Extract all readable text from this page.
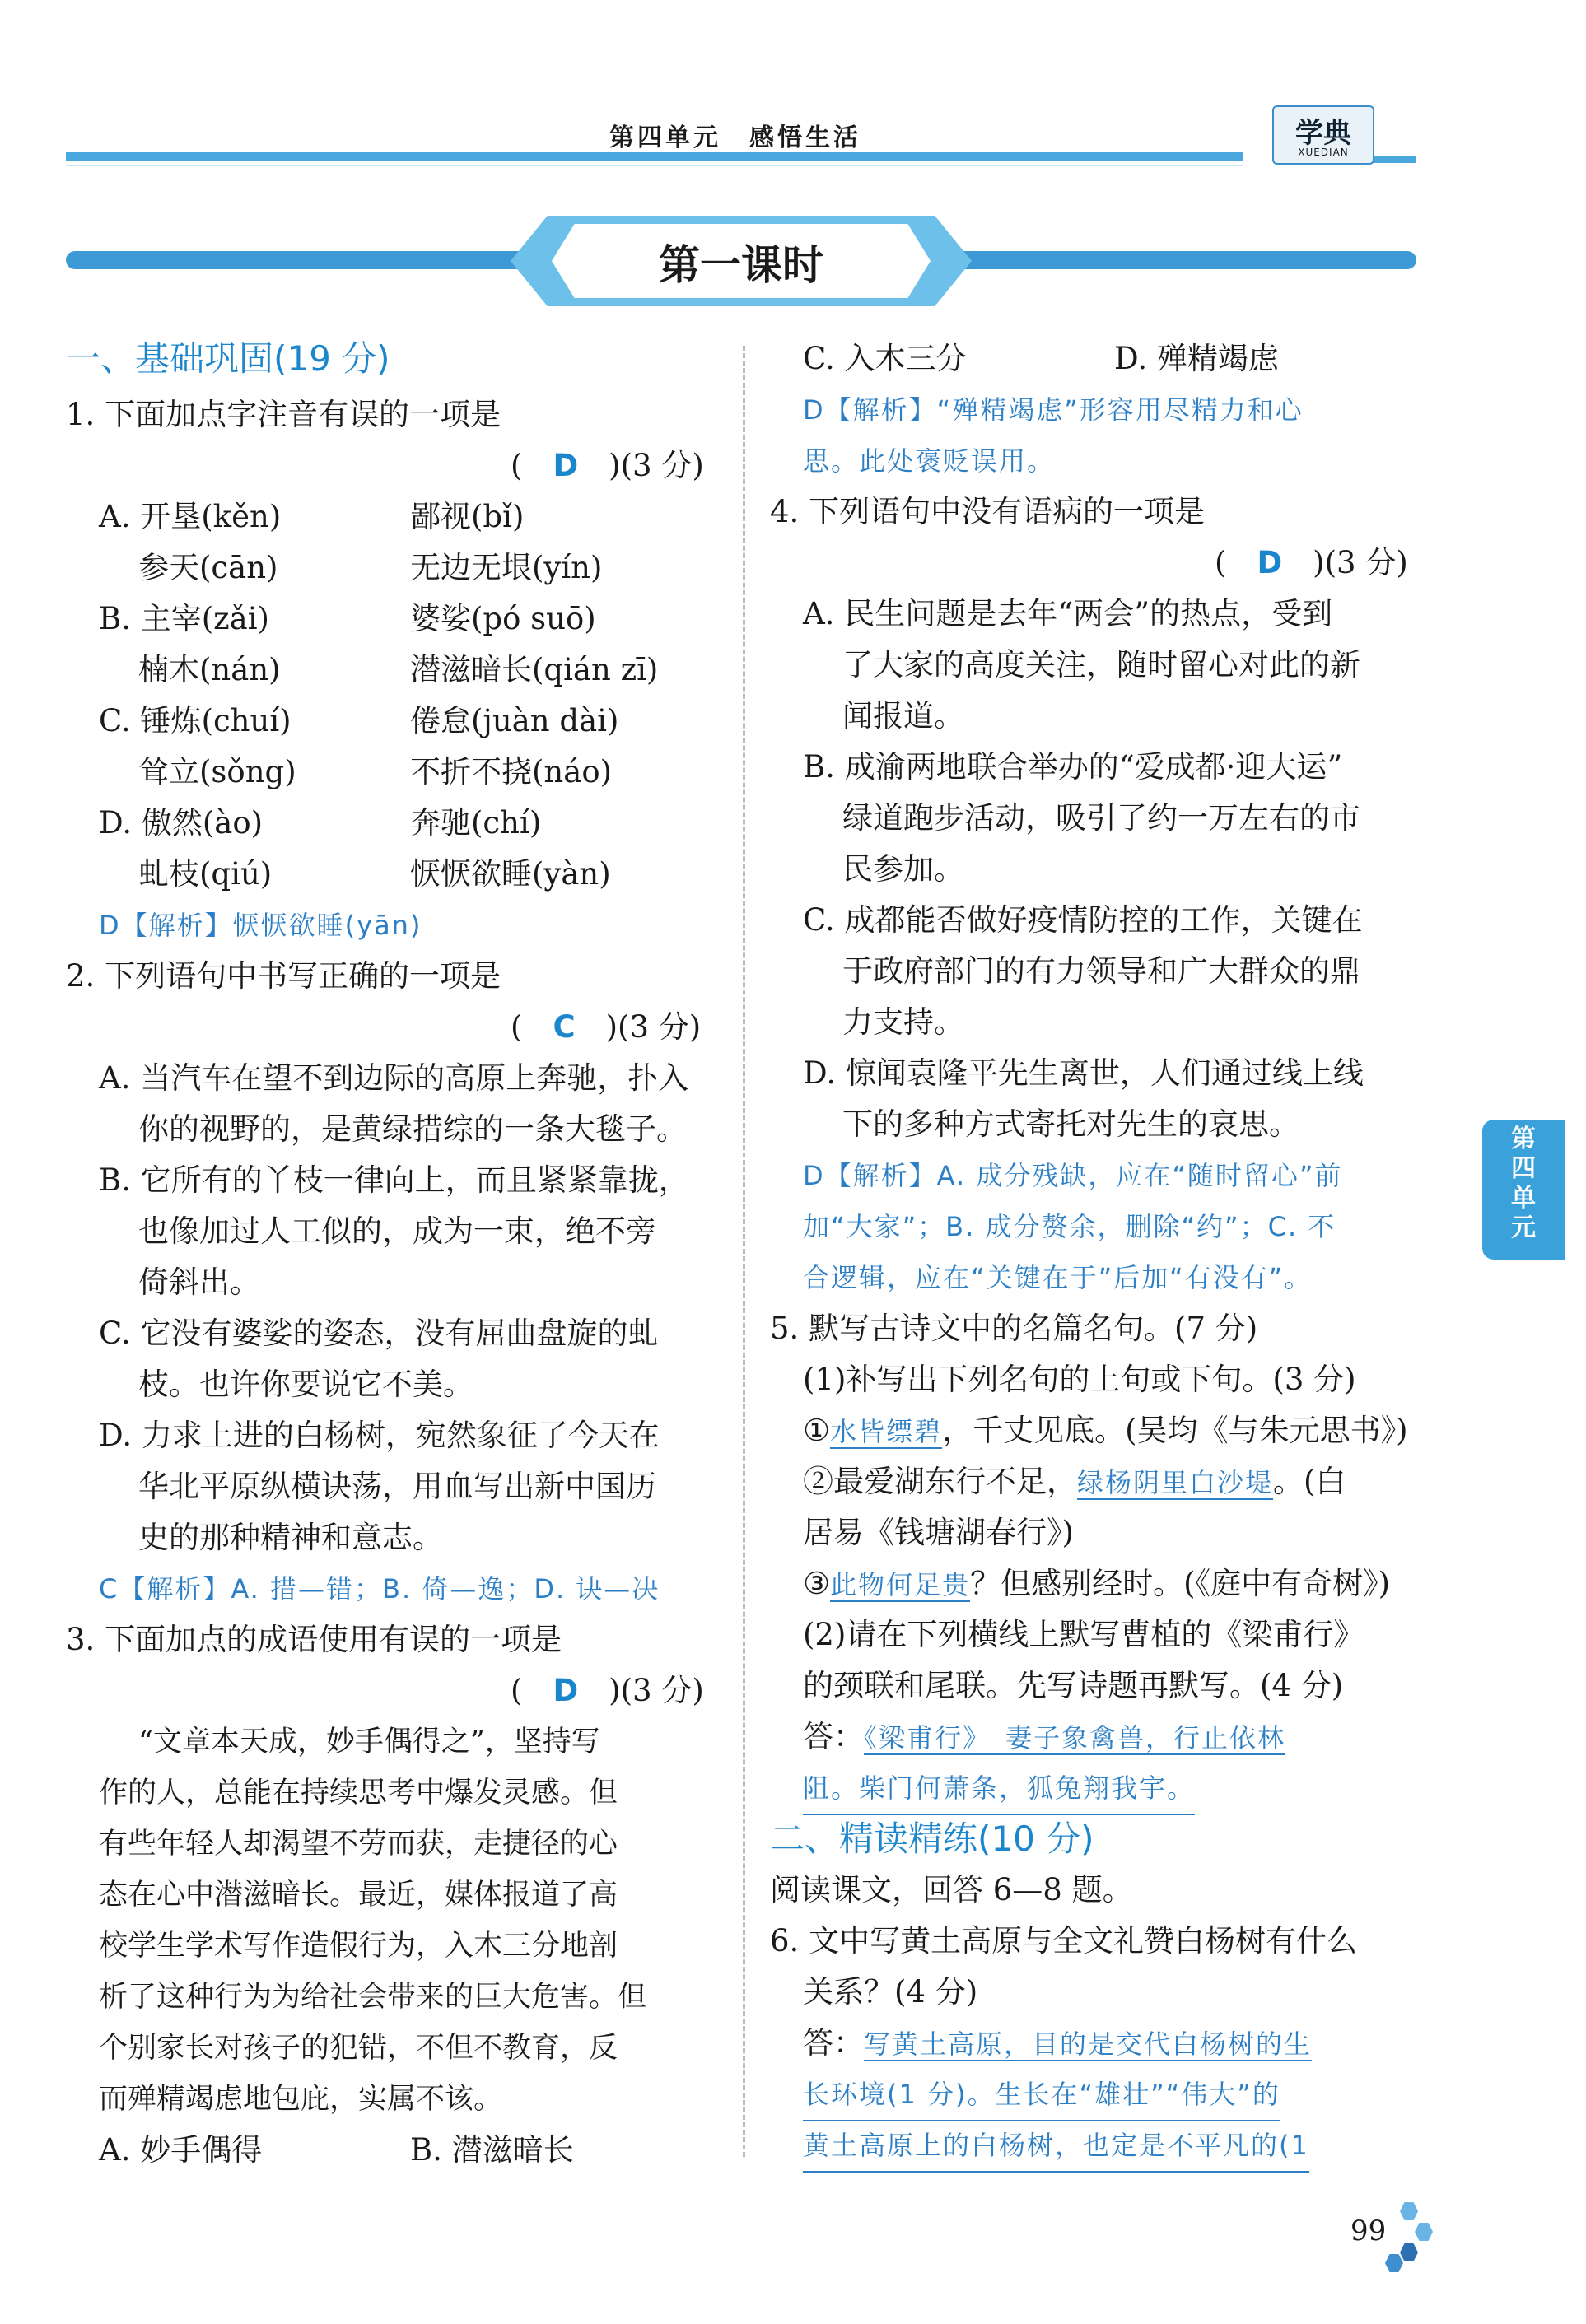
第四单元　感悟生活	学典
XUEDIAN
第一课时
一、基础巩固(19 分)
1. 下面加点字注音有误的一项是
(　D　 )(3 分)
A. 开垦(kěn)	鄙视(bǐ)
参天(cān)	无边无垠(yín)
B. 主宰(zǎi)	婆娑(pó suō)
楠木(nán)	潜滋暗长(qián zī)
C. 锤炼(chuí)	倦怠(juàn dài)
耸立(sǒng)	不折不挠(náo)
D. 傲然(ào)	奔驰(chí)
虬枝(qiú)	恹恹欲睡(yàn)
D【解析】恹恹欲睡(yān)
2. 下列语句中书写正确的一项是
(　C　 )(3 分)
A. 当汽车在望不到边际的高原上奔驰，扑入
你的视野的，是黄绿措综的一条大毯子。
B. 它所有的丫枝一律向上，而且紧紧靠拢，
也像加过人工似的，成为一束，绝不旁
倚斜出。
C. 它没有婆娑的姿态，没有屈曲盘旋的虬
枝。也许你要说它不美。
D. 力求上进的白杨树，宛然象征了今天在
华北平原纵横诀荡，用血写出新中国历
史的那种精神和意志。
C【解析】A. 措—错；B. 倚—逸；D. 诀—决
3. 下面加点的成语使用有误的一项是
(　D　 )(3 分)
“文章本天成，妙手偶得之”，坚持写
作的人，总能在持续思考中爆发灵感。但
有些年轻人却渴望不劳而获，走捷径的心
态在心中潜滋暗长。最近，媒体报道了高
校学生学术写作造假行为，入木三分地剖
析了这种行为为给社会带来的巨大危害。但
个别家长对孩子的犯错，不但不教育，反
而殚精竭虑地包庇，实属不该。
A. 妙手偶得	B. 潜滋暗长
C. 入木三分	D. 殚精竭虑
D【解析】“殚精竭虑”形容用尽精力和心
思。此处褒贬误用。
4. 下列语句中没有语病的一项是
(　D　 )(3 分)
A. 民生问题是去年“两会”的热点，受到
了大家的高度关注，随时留心对此的新
闻报道。
B. 成渝两地联合举办的“爱成都·迎大运”
绿道跑步活动，吸引了约一万左右的市
民参加。
C. 成都能否做好疫情防控的工作，关键在
于政府部门的有力领导和广大群众的鼎
力支持。
D. 惊闻袁隆平先生离世，人们通过线上线
下的多种方式寄托对先生的哀思。
D【解析】A. 成分残缺，应在“随时留心”前
加“大家”；B. 成分赘余，删除“约”；C. 不
合逻辑，应在“关键在于”后加“有没有”。
5. 默写古诗文中的名篇名句。(7 分)
(1)补写出下列名句的上句或下句。(3 分)
①水皆缥碧，千丈见底。(吴均《与朱元思书》)
②最爱湖东行不足，绿杨阴里白沙堤。(白
居易《钱塘湖春行》)
③此物何足贵？但感别经时。(《庭中有奇树》)
(2)请在下列横线上默写曹植的《梁甫行》
的颈联和尾联。先写诗题再默写。(4 分)
答：《梁甫行》　妻子象禽兽，行止依林
阻。柴门何萧条，狐兔翔我宇。
二、精读精练(10 分)
阅读课文，回答 6—8 题。
6. 文中写黄土高原与全文礼赞白杨树有什么
关系？(4 分)
答：写黄土高原，目的是交代白杨树的生
长环境(1 分)。生长在“雄壮”“伟大”的
黄土高原上的白杨树，也定是不平凡的(1
第
四
单
元
99
